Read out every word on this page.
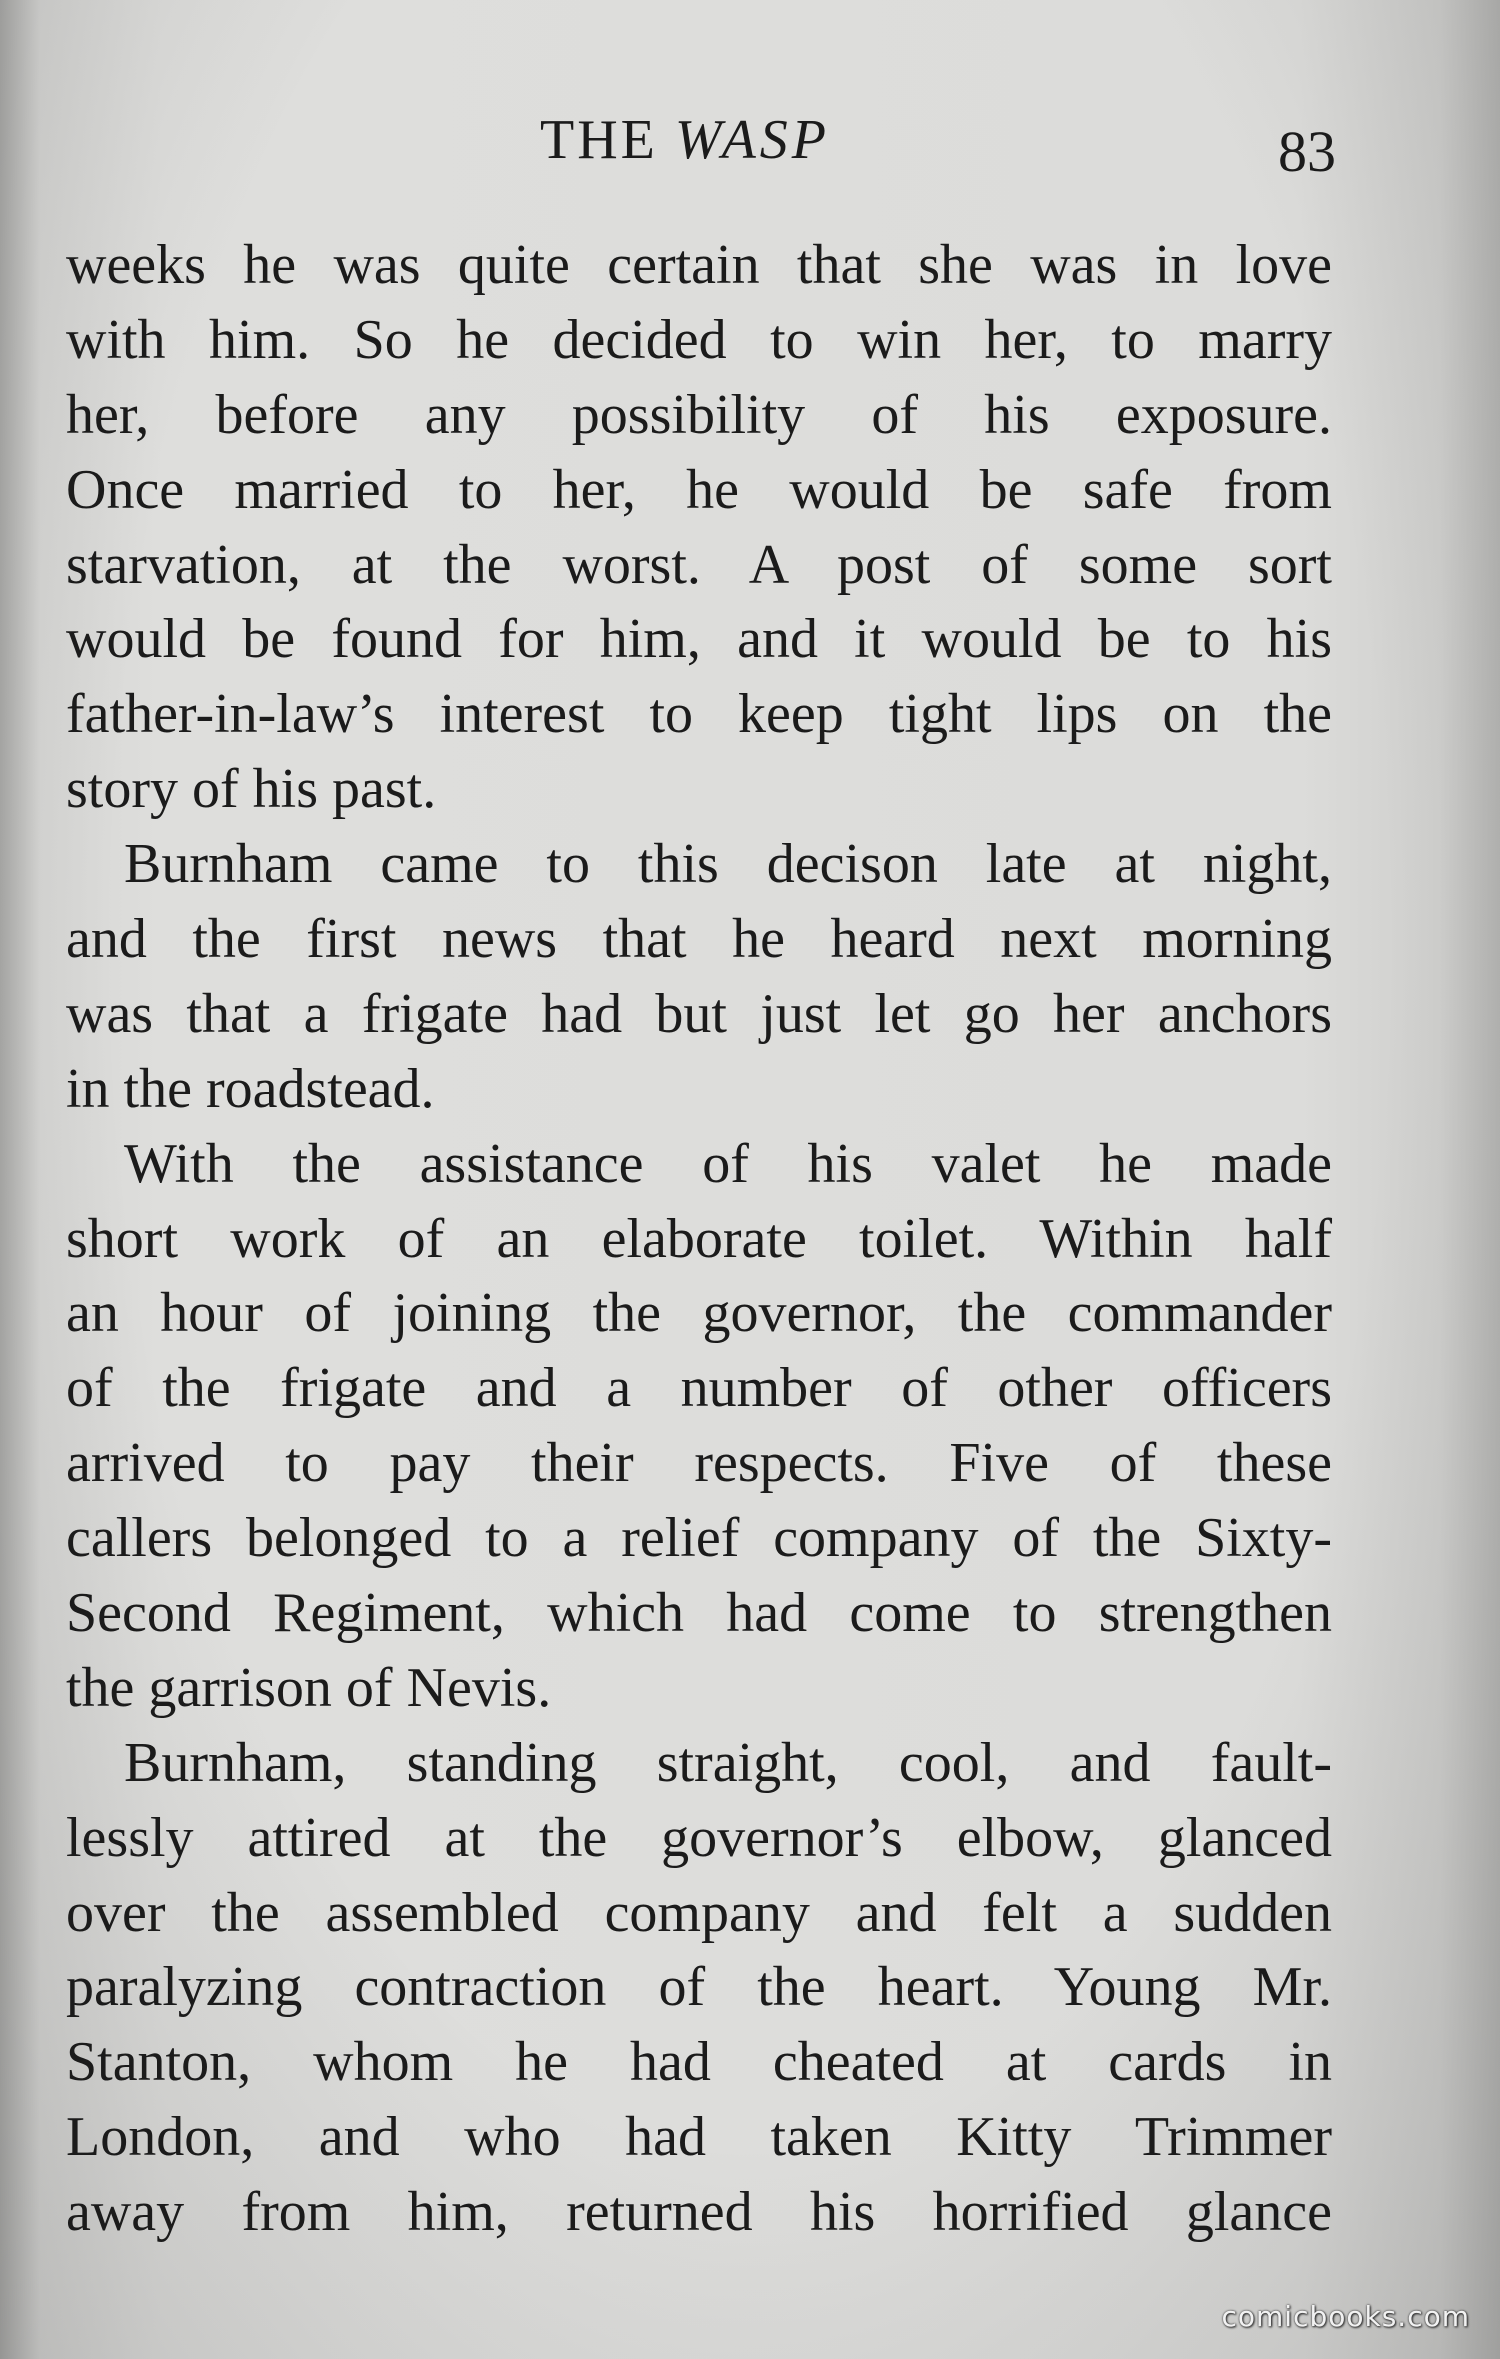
THE WASP	83
weeks he was quite certain that she was in love
with him. So he decided to win her, to marry
her, before any possibility of his exposure.
Once married to her, he would be safe from
starvation, at the worst. A post of some sort
would be found for him, and it would be to his
father-in-law’s interest to keep tight lips on the
story of his past.
Burnham came to this decison late at night,
and the first news that he heard next morning
was that a frigate had but just let go her anchors
in the roadstead.
With the assistance of his valet he made
short work of an elaborate toilet. Within half
an hour of joining the governor, the commander
of the frigate and a number of other officers
arrived to pay their respects. Five of these
callers belonged to a relief company of the Sixty-
Second Regiment, which had come to strengthen
the garrison of Nevis.
Burnham, standing straight, cool, and fault-
lessly attired at the governor’s elbow, glanced
over the assembled company and felt a sudden
paralyzing contraction of the heart. Young Mr.
Stanton, whom he had cheated at cards in
London, and who had taken Kitty Trimmer
away from him, returned his horrified glance
comicbooks.com
